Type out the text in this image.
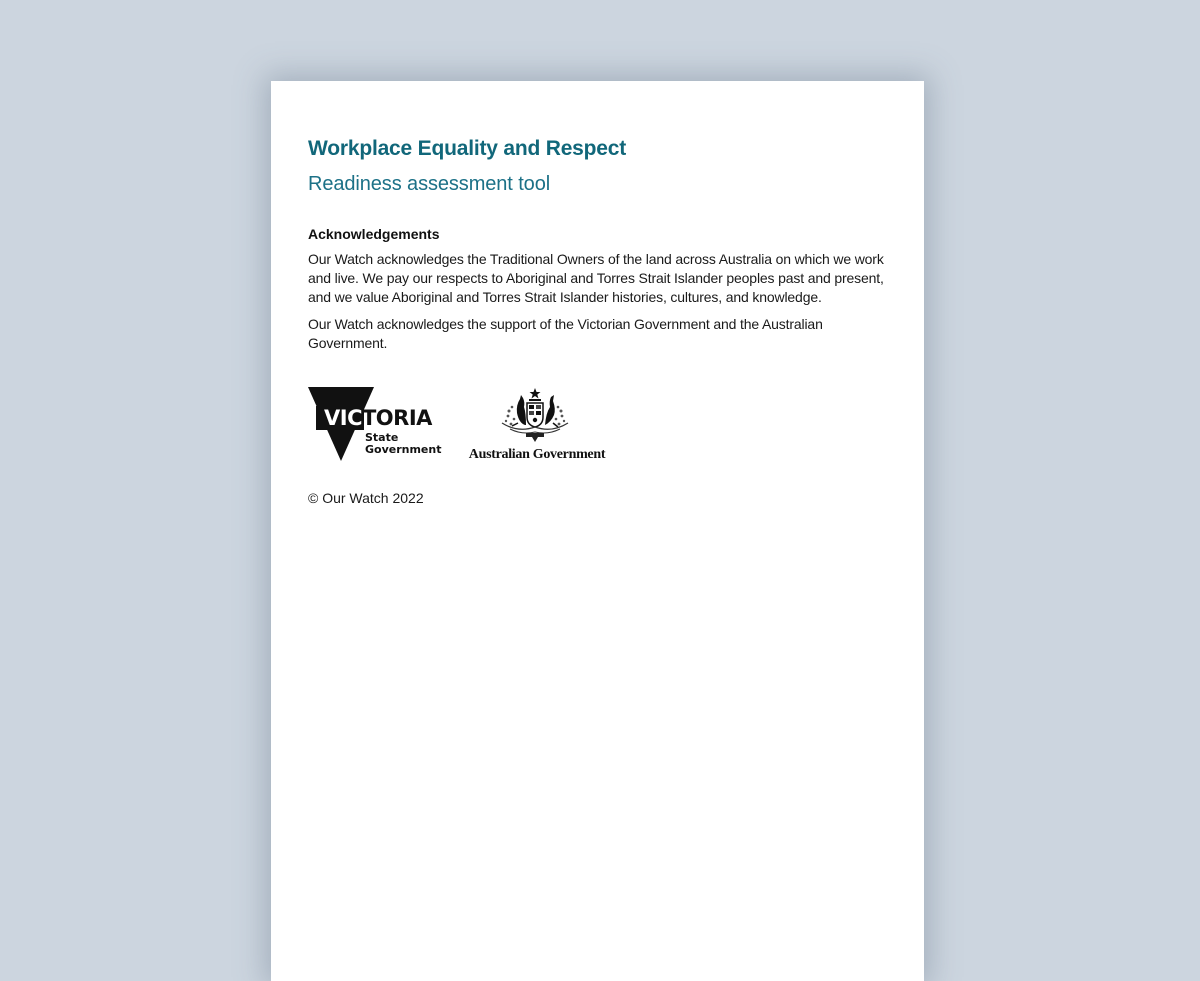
Workplace Equality and Respect
Readiness assessment tool
Acknowledgements

Our Watch acknowledges the Traditional Owners of the land across Australia on which we work and live. We pay our respects to Aboriginal and Torres Strait Islander peoples past and present, and we value Aboriginal and Torres Strait Islander histories, cultures, and knowledge.

Our Watch acknowledges the support of the Victorian Government and the Australian Government.

VICTORIA
State
Government	Australian Government
© Our Watch 2022
